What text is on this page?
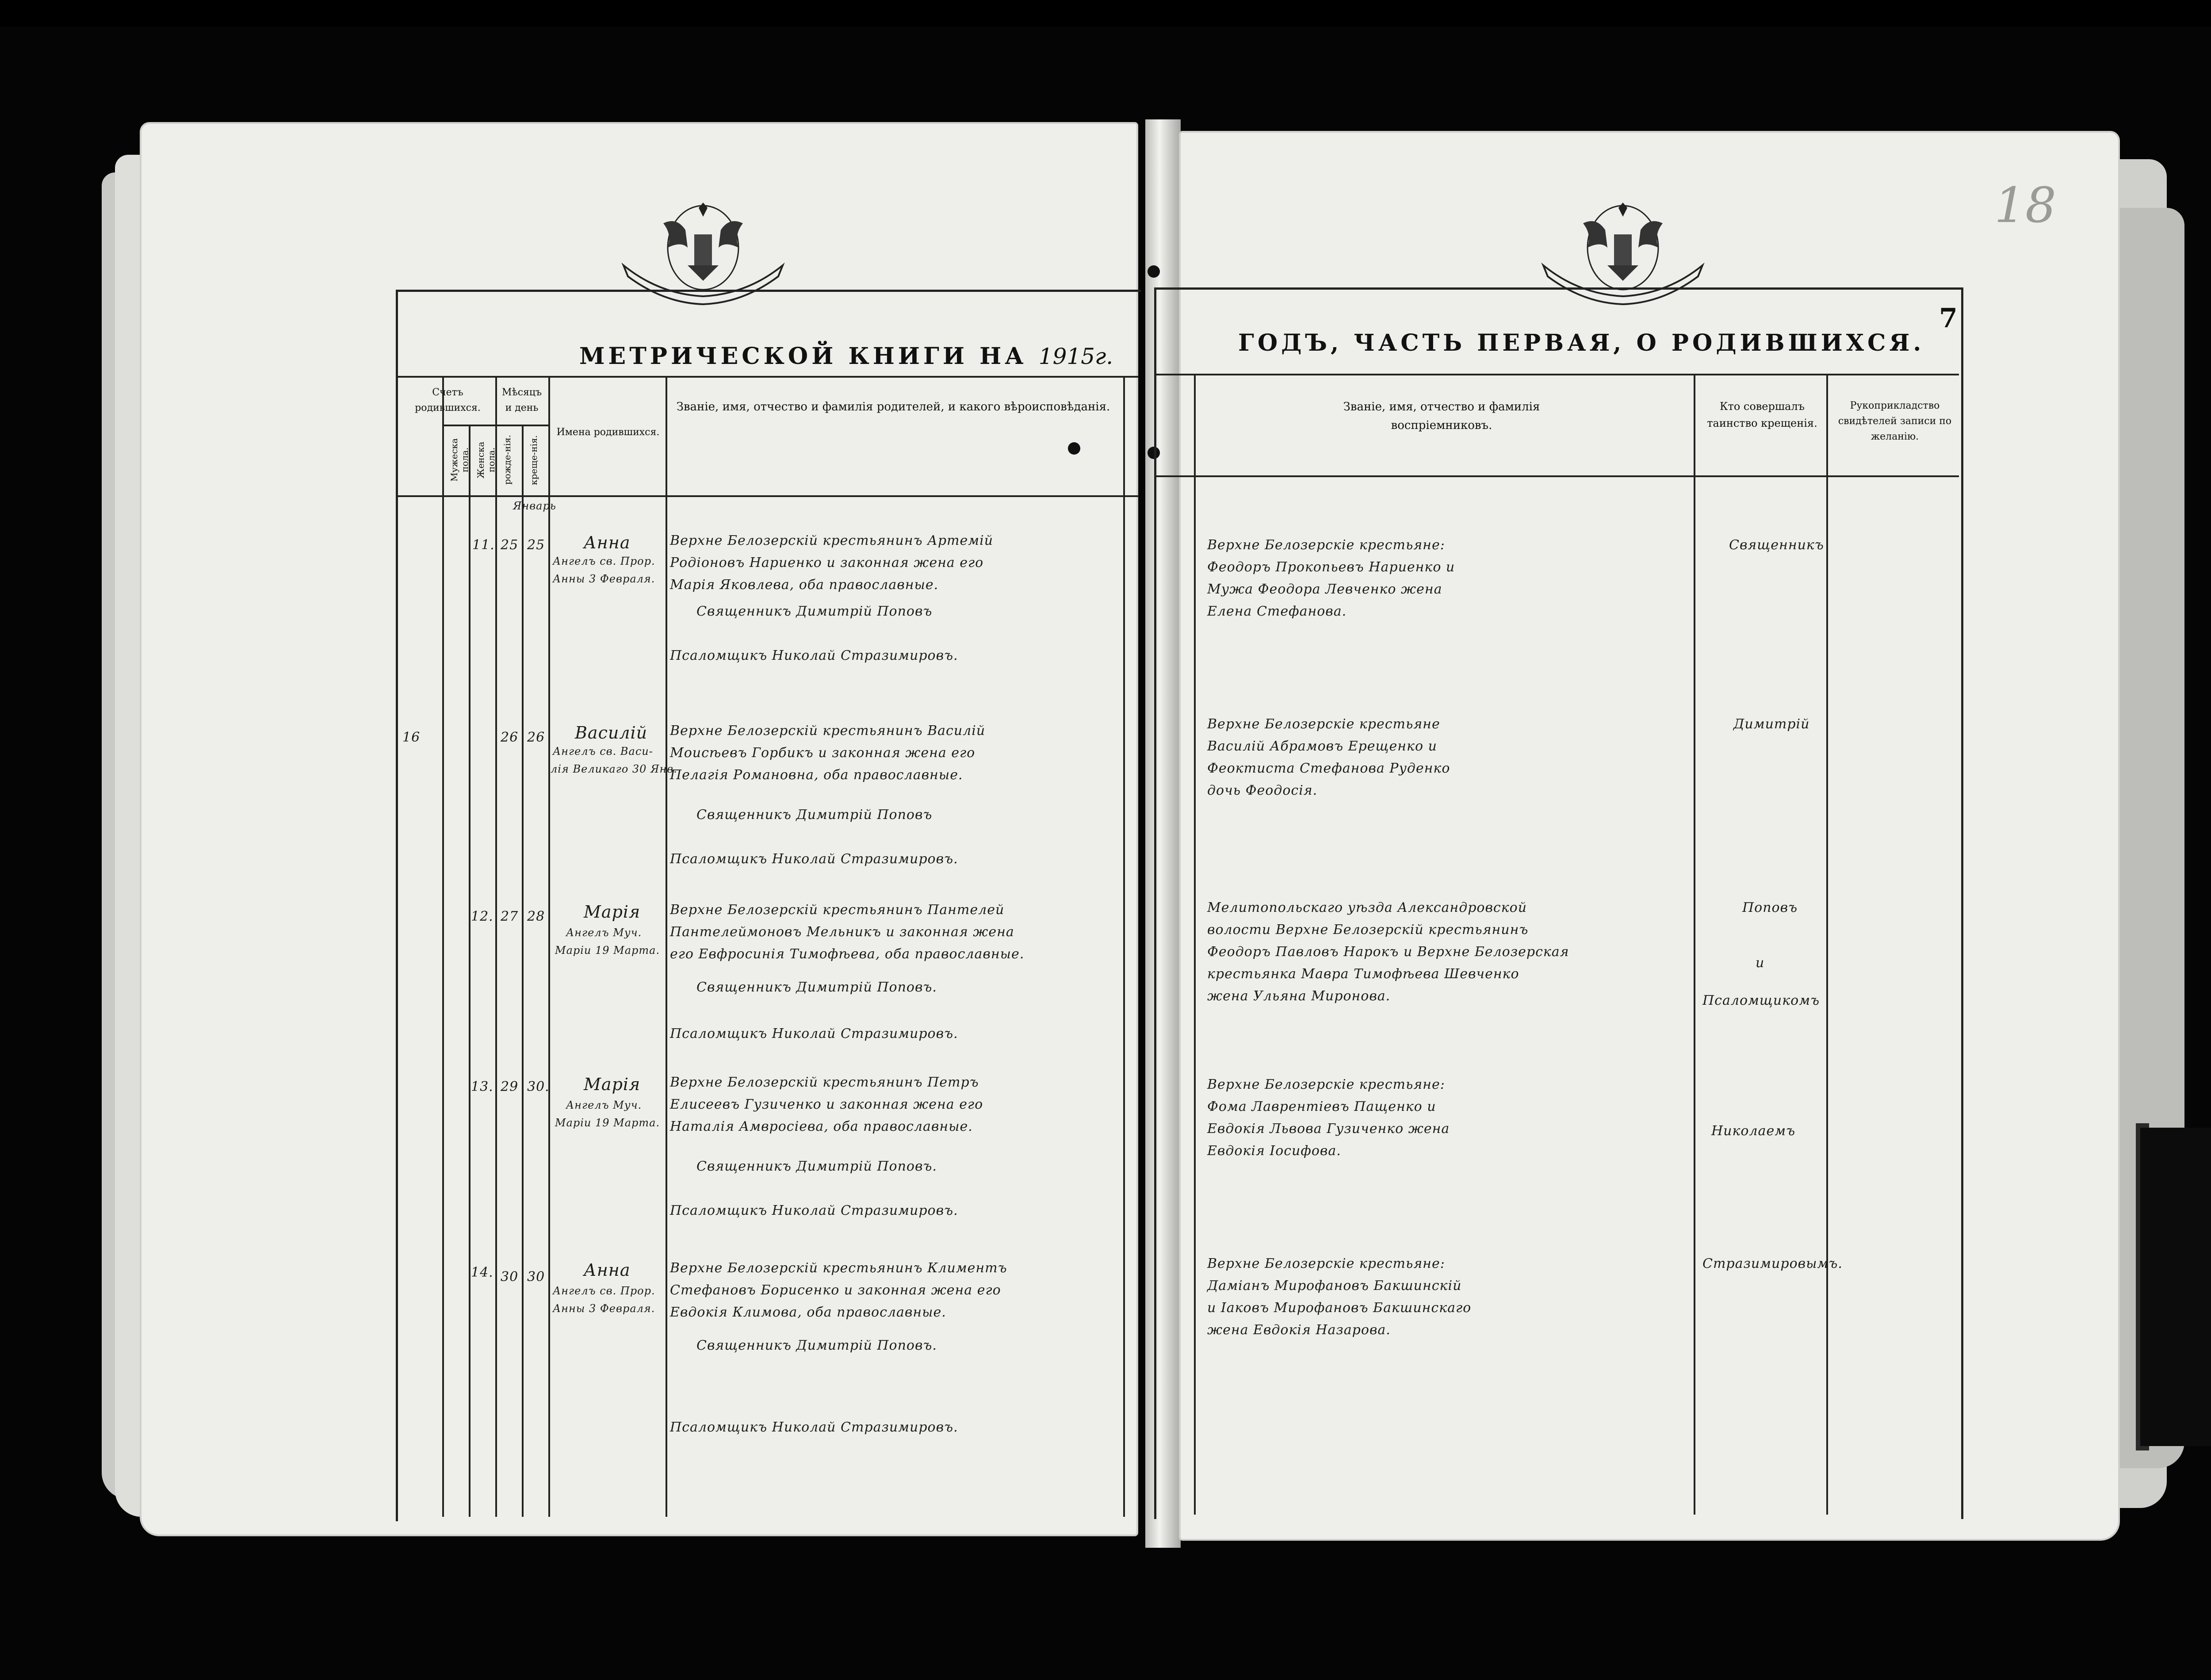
МЕТРИЧЕСКОЙ КНИГИ НА 1915г.
Счетъ родившихся.
Мужеска пола. Женска пола.
Мѣсяцъ и день
рожде-нія. креще-нія.
Имена родившихся.
Званіе, имя, отчество и фамилія родителей, и какого вѣроисповѣданія.
Январь
11. 25 25 Анна
Ангелъ св. Прор.
Анны 3 Февраля.
Верхне Белозерскій крестьянинъ Артемій
Родіоновъ Нариенко и законная жена его
Марія Яковлева, оба православные.
Священникъ Димитрій Поповъ
Псаломщикъ Николай Стразимировъ.
16	26 26 Василій
Ангелъ св. Васи-
лія Великаго 30 Янв.
Верхне Белозерскій крестьянинъ Василій
Моисѣевъ Горбикъ и законная жена его
Пелагія Романовна, оба православные.
Священникъ Димитрій Поповъ
Псаломщикъ Николай Стразимировъ.
12. 27 28 Марія
Ангелъ Муч.
Маріи 19 Марта.
Верхне Белозерскій крестьянинъ Пантелей
Пантелеймоновъ Мельникъ и законная жена
его Евфросинія Тимофѣева, оба православные.
Священникъ Димитрій Поповъ.
Псаломщикъ Николай Стразимировъ.
13. 29 30. Марія
Ангелъ Муч.
Маріи 19 Марта.
Верхне Белозерскій крестьянинъ Петръ
Елисеевъ Гузиченко и законная жена его
Наталія Амвросіева, оба православные.
Священникъ Димитрій Поповъ.
Псаломщикъ Николай Стразимировъ.
14. 30 30 Анна
Ангелъ св. Прор.
Анны 3 Февраля.
Верхне Белозерскій крестьянинъ Климентъ
Стефановъ Борисенко и законная жена его
Евдокія Климова, оба православные.
Священникъ Димитрій Поповъ.
Псаломщикъ Николай Стразимировъ.
18
ГОДЪ, ЧАСТЬ ПЕРВАЯ, О РОДИВШИХСЯ.
7
Званіе, имя, отчество и фамилія воспріемниковъ.
Кто совершалъ таинство крещенія.
Рукоприкладство свидѣтелей записи по желанію.
Верхне Белозерскіе крестьяне:
Феодоръ Прокопьевъ Нариенко и
Мужа Феодора Левченко жена
Елена Стефанова.
Священникъ
Верхне Белозерскіе крестьяне
Василій Абрамовъ Ерещенко и
Феоктиста Стефанова Руденко
дочь Феодосія.
Димитрій
Мелитопольскаго уѣзда Александровской
волости Верхне Белозерскій крестьянинъ
Феодоръ Павловъ Нарокъ и Верхне Белозерская
крестьянка Мавра Тимофѣева Шевченко
жена Ульяна Миронова.
Поповъ
и
Псаломщикомъ
Верхне Белозерскіе крестьяне:
Фома Лаврентіевъ Пащенко и
Евдокія Львова Гузиченко жена
Евдокія Іосифова.
Николаемъ
Верхне Белозерскіе крестьяне:
Даміанъ Мирофановъ Бакшинскій
и Іаковъ Мирофановъ Бакшинскаго
жена Евдокія Назарова.
Стразимировымъ.
